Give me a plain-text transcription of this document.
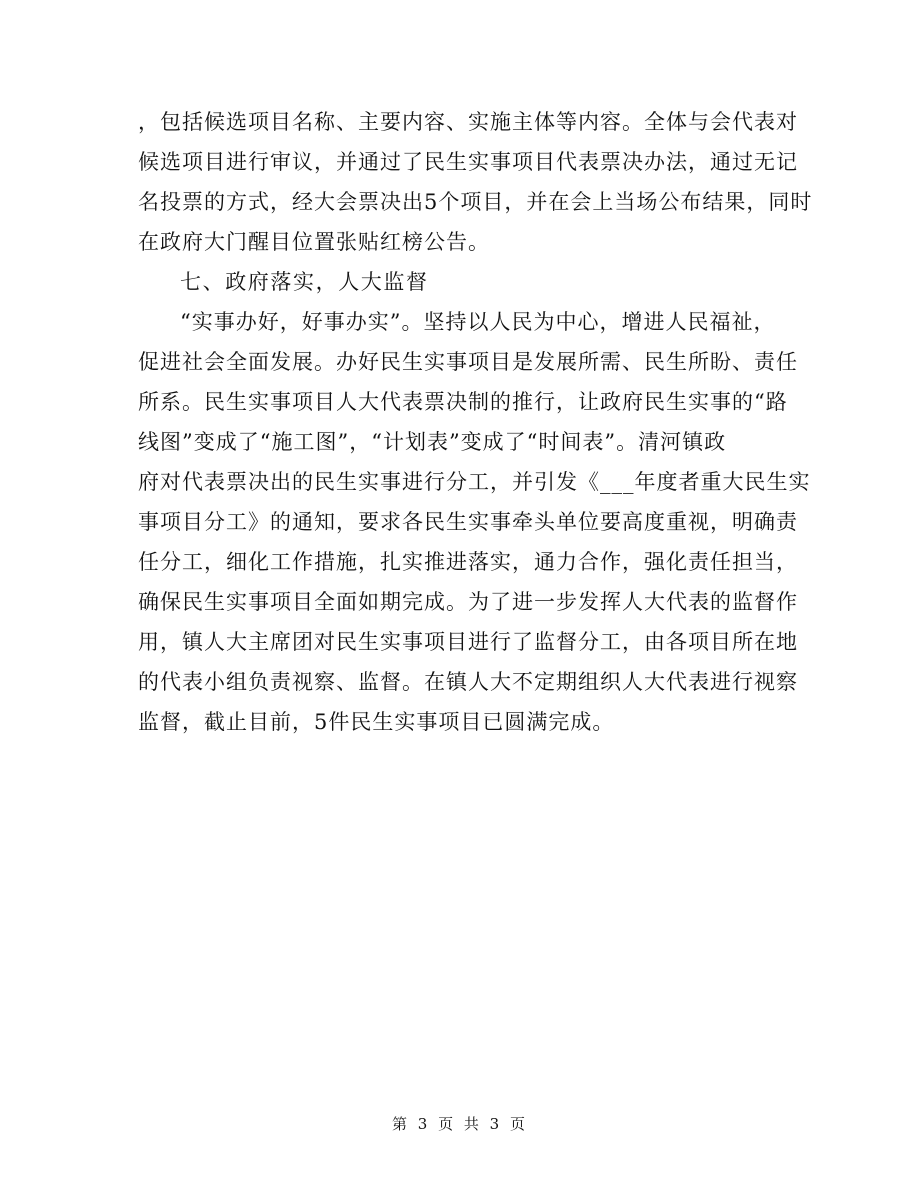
，包括候选项目名称、主要内容、实施主体等内容。全体与会代表对
候选项目进行审议，并通过了民生实事项目代表票决办法，通过无记
名投票的方式，经大会票决出5个项目，并在会上当场公布结果，同时
在政府大门醒目位置张贴红榜公告。
七、政府落实，人大监督
“实事办好，好事办实”。坚持以人民为中心，增进人民福祉，
促进社会全面发展。办好民生实事项目是发展所需、民生所盼、责任
所系。民生实事项目人大代表票决制的推行，让政府民生实事的“路
线图”变成了“施工图”，“计划表”变成了“时间表”。清河镇政
府对代表票决出的民生实事进行分工，并引发《___年度者重大民生实
事项目分工》的通知，要求各民生实事牵头单位要高度重视，明确责
任分工，细化工作措施，扎实推进落实，通力合作，强化责任担当，
确保民生实事项目全面如期完成。为了进一步发挥人大代表的监督作
用，镇人大主席团对民生实事项目进行了监督分工，由各项目所在地
的代表小组负责视察、监督。在镇人大不定期组织人大代表进行视察
监督，截止目前，5件民生实事项目已圆满完成。
第 3 页 共 3 页
